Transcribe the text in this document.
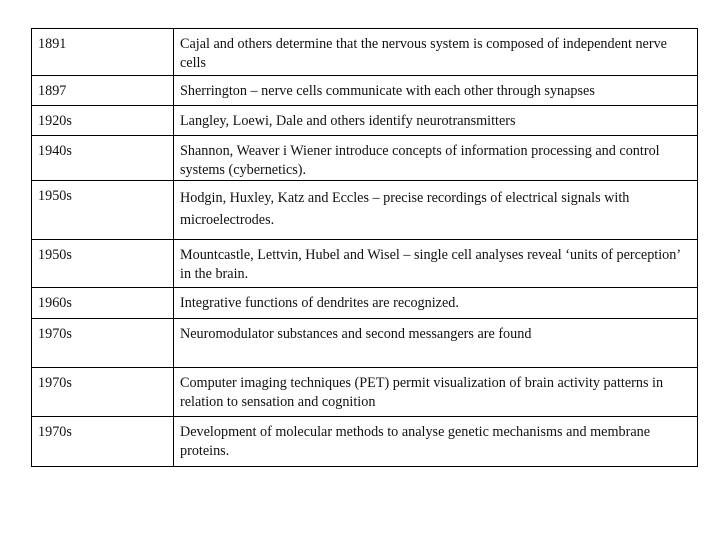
1891	Cajal and others determine that the nervous system is composed of independent nerve cells
1897	Sherrington – nerve cells communicate with each other through synapses
1920s	Langley, Loewi, Dale and others identify neurotransmitters
1940s	Shannon, Weaver i Wiener introduce concepts of information processing and control systems (cybernetics).
1950s	Hodgin, Huxley, Katz and Eccles – precise recordings of electrical signals with microelectrodes.
1950s	Mountcastle, Lettvin, Hubel and Wisel – single cell analyses reveal ‘units of perception’ in the brain.
1960s	Integrative functions of dendrites are recognized.
1970s	Neuromodulator substances and second messangers are found
1970s	Computer imaging techniques (PET) permit visualization of brain activity patterns in relation to sensation and cognition
1970s	Development of molecular methods to analyse genetic mechanisms and membrane proteins.
